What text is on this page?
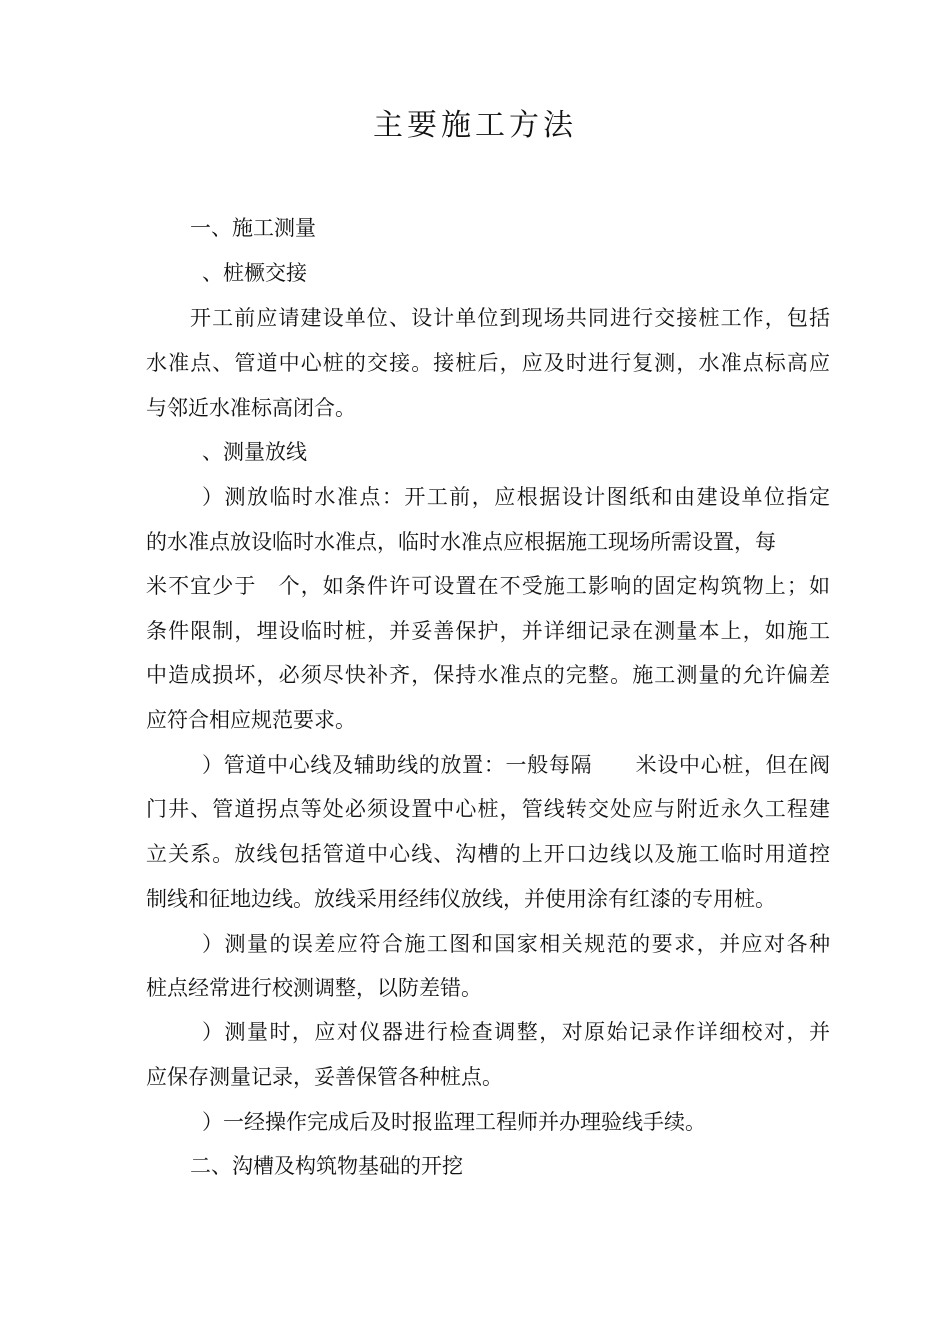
主要施工方法

一、施工测量

、桩橛交接

开工前应请建设单位、设计单位到现场共同进行交接桩工作，包括

水准点、管道中心桩的交接。接桩后，应及时进行复测，水准点标高应

与邻近水准标高闭合。

、测量放线

）测放临时水准点：开工前，应根据设计图纸和由建设单位指定

的水准点放设临时水准点，临时水准点应根据施工现场所需设置，每

米不宜少于　个，如条件许可设置在不受施工影响的固定构筑物上；如

条件限制，埋设临时桩，并妥善保护，并详细记录在测量本上，如施工

中造成损坏，必须尽快补齐，保持水准点的完整。施工测量的允许偏差

应符合相应规范要求。

）管道中心线及辅助线的放置：一般每隔　　米设中心桩，但在阀

门井、管道拐点等处必须设置中心桩，管线转交处应与附近永久工程建

立关系。放线包括管道中心线、沟槽的上开口边线以及施工临时用道控

制线和征地边线。放线采用经纬仪放线，并使用涂有红漆的专用桩。

）测量的误差应符合施工图和国家相关规范的要求，并应对各种

桩点经常进行校测调整，以防差错。

）测量时，应对仪器进行检查调整，对原始记录作详细校对，并

应保存测量记录，妥善保管各种桩点。

）一经操作完成后及时报监理工程师并办理验线手续。

二、沟槽及构筑物基础的开挖
